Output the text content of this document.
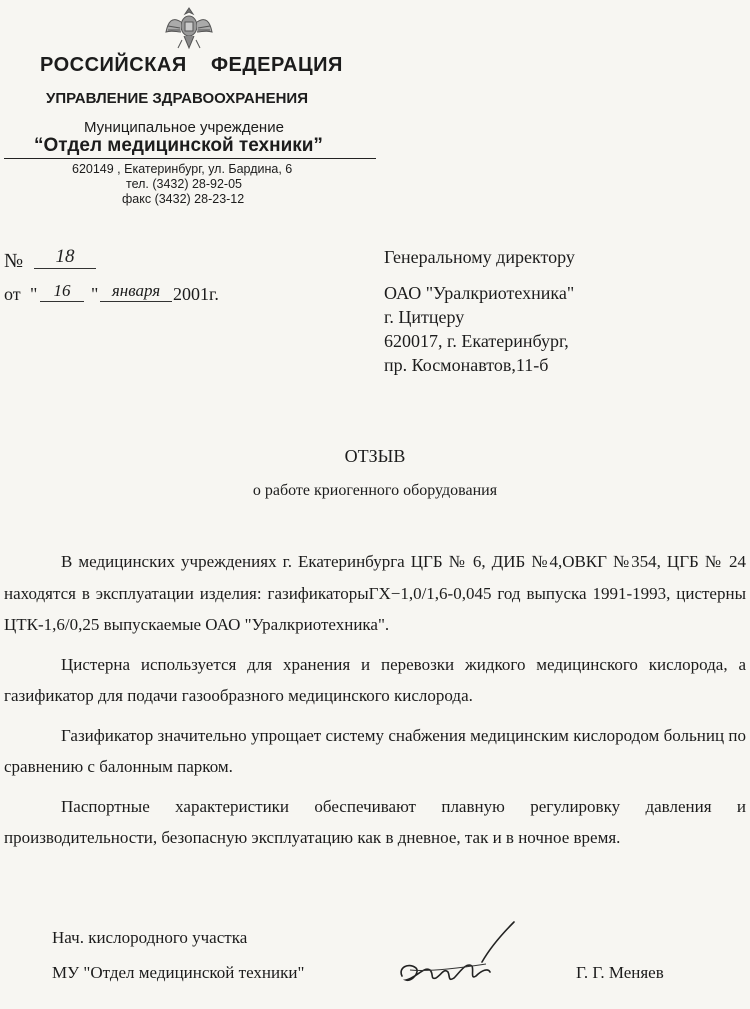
РОССИЙСКАЯ    ФЕДЕРАЦИЯ
УПРАВЛЕНИЕ ЗДРАВООХРАНЕНИЯ
Муниципальное учреждение
“Отдел медицинской техники”
620149 , Екатеринбург, ул. Бардина, 6
тел. (3432) 28-92-05
факс (3432) 28-23-12
№	18
от " 16	" января 2001г.
Генеральному директору
ОАО "Уралкриотехника"
г. Цитцеру
620017, г. Екатеринбург,
пр. Космонавтов,11-б
ОТЗЫВ
о работе криогенного оборудования

В медицинских учреждениях г. Екатеринбурга ЦГБ № 6, ДИБ №4,ОВКГ №354, ЦГБ № 24 находятся в эксплуатации изделия: газификаторыГХ−1,0/1,6-0,045 год выпуска 1991-1993, цистерны ЦТК-1,6/0,25 выпускаемые ОАО "Уралкриотехника".

Цистерна используется для хранения и перевозки жидкого медицинского кислорода, а газификатор для подачи газообразного медицинского кислорода.

Газификатор значительно упрощает систему снабжения медицинским кислородом больниц по сравнению с балонным парком.

Паспортные характеристики обеспечивают плавную регулировку давления и производительности, безопасную эксплуатацию как в дневное, так и в ночное время.

Нач. кислородного участка
МУ "Отдел медицинской техники"	Г. Г. Меняев
